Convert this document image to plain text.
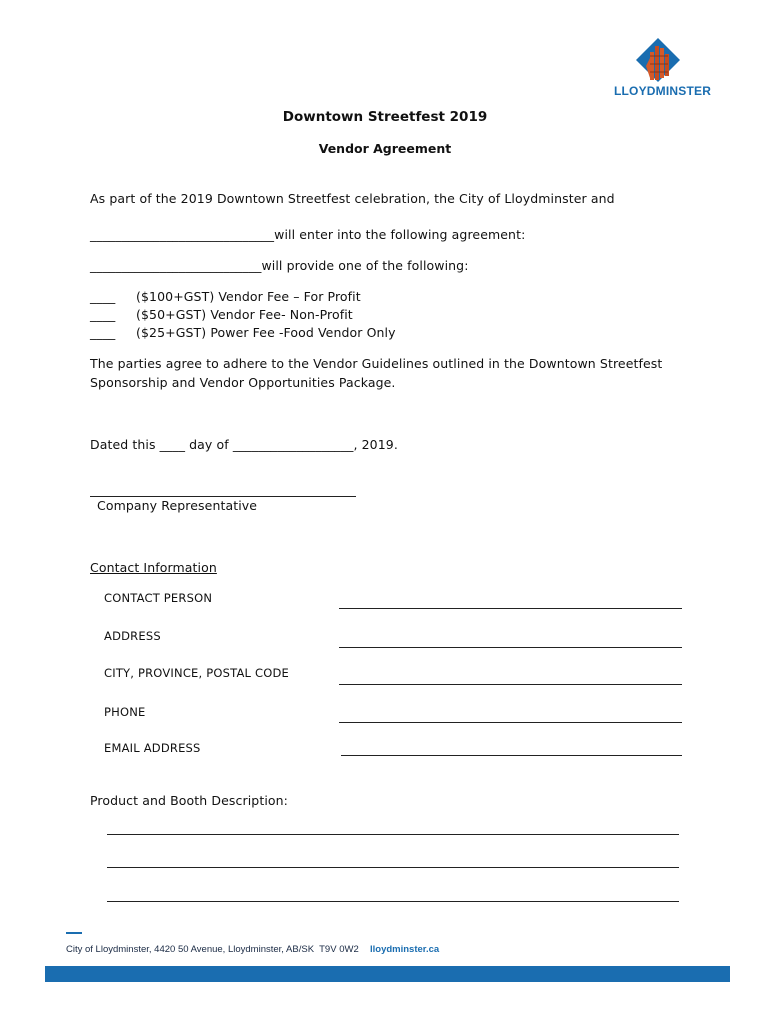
LLOYDMINSTER

Downtown Streetfest 2019
Vendor Agreement
As part of the 2019 Downtown Streetfest celebration, the City of Lloydminster and
_____________________________will enter into the following agreement:
___________________________will provide one of the following:
____ ($100+GST) Vendor Fee – For Profit
____ ($50+GST) Vendor Fee- Non-Profit
____ ($25+GST) Power Fee -Food Vendor Only
The parties agree to adhere to the Vendor Guidelines outlined in the Downtown Streetfest
Sponsorship and Vendor Opportunities Package.
Dated this ____ day of ___________________, 2019.
Company Representative
Contact Information
CONTACT PERSON
ADDRESS
CITY, PROVINCE, POSTAL CODE
PHONE
EMAIL ADDRESS
Product and Booth Description:
City of Lloydminster, 4420 50 Avenue, Lloydminster, AB/SK  T9V 0W2 lloydminster.ca
